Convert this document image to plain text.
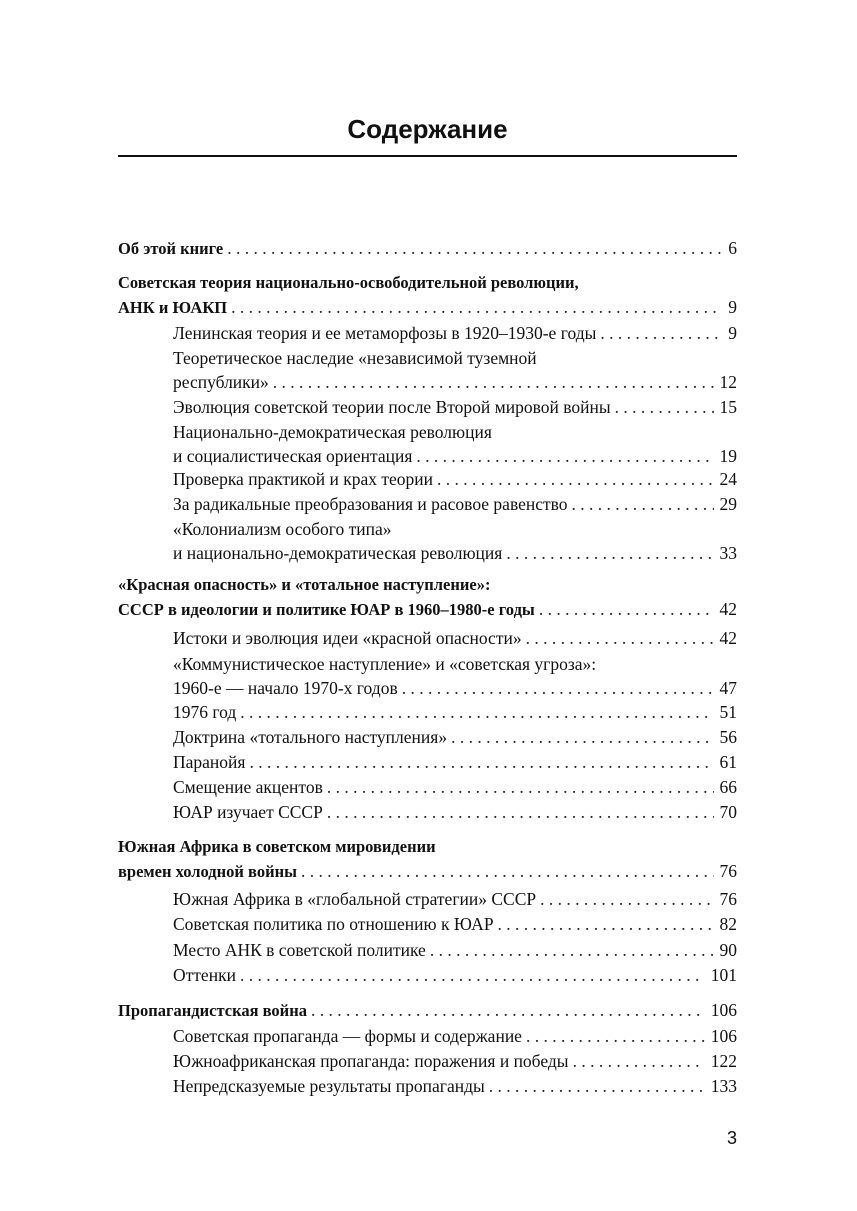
Содержание
Об этой книге . . .	6
Советская теория национально-освободительной революции,
АНК и ЮАКП . . .	9
Ленинская теория и ее метаморфозы в 1920–1930-е годы . . .	9
Теоретическое наследие «независимой туземной
республики» . . .	12
Эволюция советской теории после Второй мировой войны . . .	15
Национально-демократическая революция
и социалистическая ориентация . . .	19
Проверка практикой и крах теории . . .	24
За радикальные преобразования и расовое равенство . . .	29
«Колониализм особого типа»
и национально-демократическая революция . . .	33
«Красная опасность» и «тотальное наступление»:
СССР в идеологии и политике ЮАР в 1960–1980-е годы . . .	42
Истоки и эволюция идеи «красной опасности» . . .	42
«Коммунистическое наступление» и «советская угроза»:
1960-е — начало 1970-х годов . . .	47
1976 год . . .	51
Доктрина «тотального наступления» . . .	56
Паранойя . . .	61
Смещение акцентов . . .	66
ЮАР изучает СССР . . .	70
Южная Африка в советском мировидении
времен холодной войны . . .	76
Южная Африка в «глобальной стратегии» СССР . . .	76
Советская политика по отношению к ЮАР . . .	82
Место АНК в советской политике . . .	90
Оттенки . . .	101
Пропагандистская война . . .	106
Советская пропаганда — формы и содержание . . .	106
Южноафриканская пропаганда: поражения и победы . . .	122
Непредсказуемые результаты пропаганды . . .	133
3
